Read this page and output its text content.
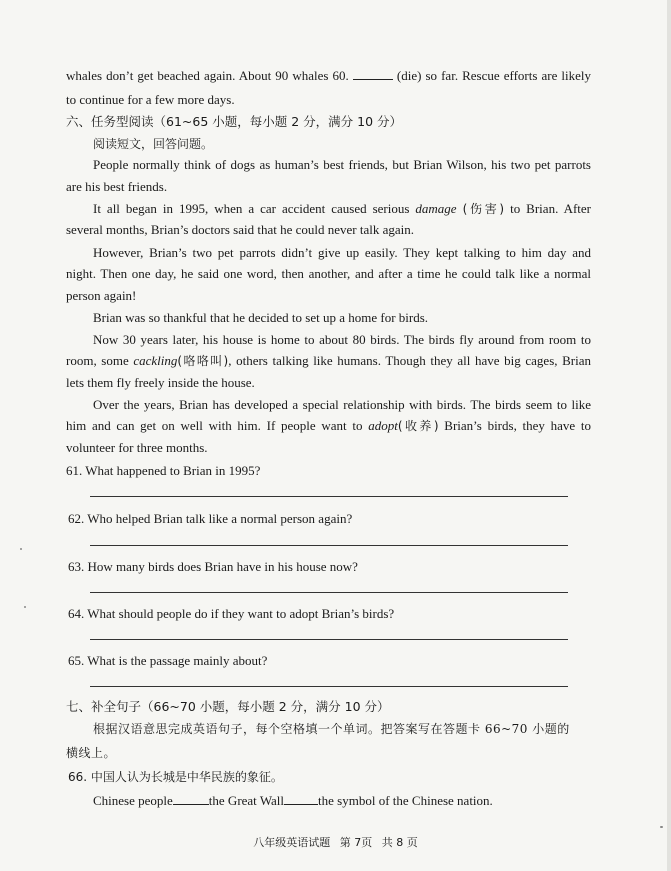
whales don’t get beached again. About 90 whales 60.	(die) so far. Rescue efforts are likely
to continue for a few more days.
六、任务型阅读（61~65 小题，每小题 2 分，满分 10 分）
阅读短文，回答问题。
People normally think of dogs as human’s best friends, but Brian Wilson, his two pet parrots
are his best friends.
It all began in 1995, when a car accident caused serious damage (伤害) to Brian. After
several months, Brian’s doctors said that he could never talk again.
However, Brian’s two pet parrots didn’t give up easily. They kept talking to him day and
night. Then one day, he said one word, then another, and after a time he could talk like a normal
person again!
Brian was so thankful that he decided to set up a home for birds.
Now 30 years later, his house is home to about 80 birds. The birds fly around from room to
room, some cackling(咯咯叫), others talking like humans. Though they all have big cages, Brian
lets them fly freely inside the house.
Over the years, Brian has developed a special relationship with birds. The birds seem to like
him and can get on well with him. If people want to adopt(收养) Brian’s birds, they have to
volunteer for three months.
61. What happened to Brian in 1995?
62. Who helped Brian talk like a normal person again?
63. How many birds does Brian have in his house now?
64. What should people do if they want to adopt Brian’s birds?
65. What is the passage mainly about?
七、补全句子（66~70 小题，每小题 2 分，满分 10 分）
根据汉语意思完成英语句子，每个空格填一个单词。把答案写在答题卡 66~70 小题的
横线上。
66. 中国人认为长城是中华民族的象征。
Chinese people	the Great Wall	the symbol of the Chinese nation.
八年级英语试题 第 7页 共 8 页
